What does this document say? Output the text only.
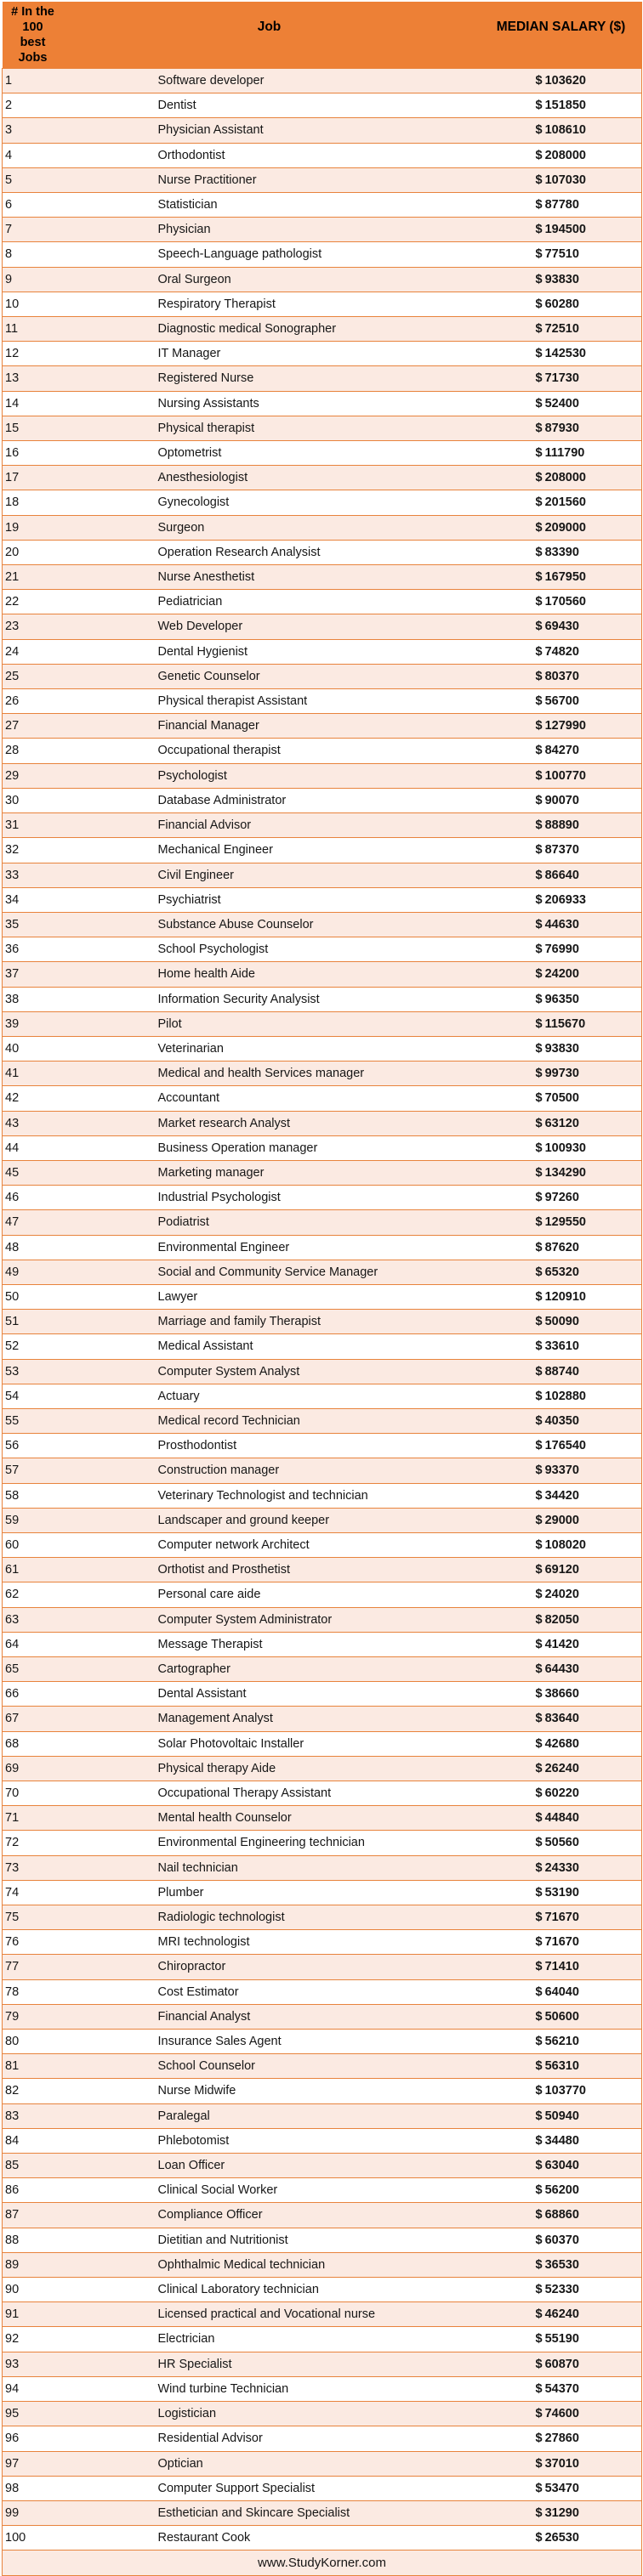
# In the 100 best
Jobs	Job	MEDIAN SALARY ($)
1	Software developer	$ 103620
2	Dentist	$ 151850
3	Physician Assistant	$ 108610
4	Orthodontist	$ 208000
5	Nurse Practitioner	$ 107030
6	Statistician	$ 87780
7	Physician	$ 194500
8	Speech-Language pathologist	$ 77510
9	Oral Surgeon	$ 93830
10	Respiratory Therapist	$ 60280
11	Diagnostic medical Sonographer	$ 72510
12	IT Manager	$ 142530
13	Registered Nurse	$ 71730
14	Nursing Assistants	$ 52400
15	Physical therapist	$ 87930
16	Optometrist	$ 111790
17	Anesthesiologist	$ 208000
18	Gynecologist	$ 201560
19	Surgeon	$ 209000
20	Operation Research Analysist	$ 83390
21	Nurse Anesthetist	$ 167950
22	Pediatrician	$ 170560
23	Web Developer	$ 69430
24	Dental Hygienist	$ 74820
25	Genetic Counselor	$ 80370
26	Physical therapist Assistant	$ 56700
27	Financial Manager	$ 127990
28	Occupational therapist	$ 84270
29	Psychologist	$ 100770
30	Database Administrator	$ 90070
31	Financial Advisor	$ 88890
32	Mechanical Engineer	$ 87370
33	Civil Engineer	$ 86640
34	Psychiatrist	$ 206933
35	Substance Abuse Counselor	$ 44630
36	School Psychologist	$ 76990
37	Home health Aide	$ 24200
38	Information Security Analysist	$ 96350
39	Pilot	$ 115670
40	Veterinarian	$ 93830
41	Medical and health Services manager	$ 99730
42	Accountant	$ 70500
43	Market research Analyst	$ 63120
44	Business Operation manager	$ 100930
45	Marketing manager	$ 134290
46	Industrial Psychologist	$ 97260
47	Podiatrist	$ 129550
48	Environmental Engineer	$ 87620
49	Social and Community Service Manager	$ 65320
50	Lawyer	$ 120910
51	Marriage and family Therapist	$ 50090
52	Medical Assistant	$ 33610
53	Computer System Analyst	$ 88740
54	Actuary	$ 102880
55	Medical record Technician	$ 40350
56	Prosthodontist	$ 176540
57	Construction manager	$ 93370
58	Veterinary Technologist and technician	$ 34420
59	Landscaper and ground keeper	$ 29000
60	Computer network Architect	$ 108020
61	Orthotist and Prosthetist	$ 69120
62	Personal care aide	$ 24020
63	Computer System Administrator	$ 82050
64	Message Therapist	$ 41420
65	Cartographer	$ 64430
66	Dental Assistant	$ 38660
67	Management Analyst	$ 83640
68	Solar Photovoltaic Installer	$ 42680
69	Physical therapy Aide	$ 26240
70	Occupational Therapy Assistant	$ 60220
71	Mental health Counselor	$ 44840
72	Environmental Engineering technician	$ 50560
73	Nail technician	$ 24330
74	Plumber	$ 53190
75	Radiologic technologist	$ 71670
76	MRI technologist	$ 71670
77	Chiropractor	$ 71410
78	Cost Estimator	$ 64040
79	Financial Analyst	$ 50600
80	Insurance Sales Agent	$ 56210
81	School Counselor	$ 56310
82	Nurse Midwife	$ 103770
83	Paralegal	$ 50940
84	Phlebotomist	$ 34480
85	Loan Officer	$ 63040
86	Clinical Social Worker	$ 56200
87	Compliance Officer	$ 68860
88	Dietitian and Nutritionist	$ 60370
89	Ophthalmic Medical technician	$ 36530
90	Clinical Laboratory technician	$ 52330
91	Licensed practical and Vocational nurse	$ 46240
92	Electrician	$ 55190
93	HR Specialist	$ 60870
94	Wind turbine Technician	$ 54370
95	Logistician	$ 74600
96	Residential Advisor	$ 27860
97	Optician	$ 37010
98	Computer Support Specialist	$ 53470
99	Esthetician and Skincare Specialist	$ 31290
100	Restaurant Cook	$ 26530
www.StudyKorner.com		
